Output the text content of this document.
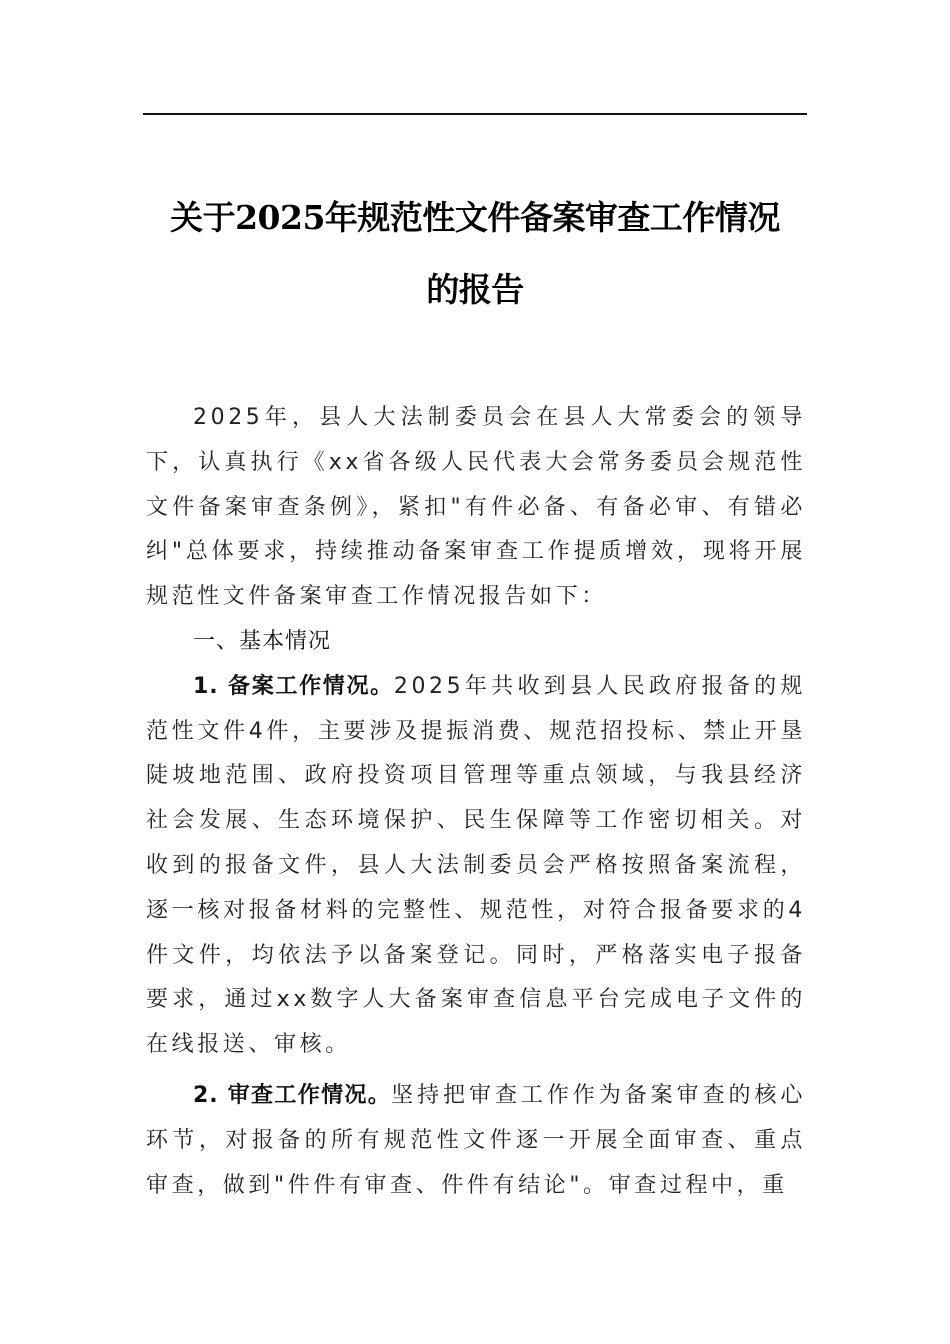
关于2025年规范性文件备案审查工作情况
的报告

2025年，县人大法制委员会在县人大常委会的领导下，认真执行《xx省各级人民代表大会常务委员会规范性文件备案审查条例》，紧扣"有件必备、有备必审、有错必纠"总体要求，持续推动备案审查工作提质增效，现将开展规范性文件备案审查工作情况报告如下：

一、基本情况

1. 备案工作情况。2025年共收到县人民政府报备的规范性文件4件，主要涉及提振消费、规范招投标、禁止开垦陡坡地范围、政府投资项目管理等重点领域，与我县经济社会发展、生态环境保护、民生保障等工作密切相关。对收到的报备文件，县人大法制委员会严格按照备案流程，逐一核对报备材料的完整性、规范性，对符合报备要求的4件文件，均依法予以备案登记。同时，严格落实电子报备要求，通过xx数字人大备案审查信息平台完成电子文件的在线报送、审核。

2. 审查工作情况。坚持把审查工作作为备案审查的核心环节，对报备的所有规范性文件逐一开展全面审查、重点审查，做到"件件有审查、件件有结论"。审查过程中，重
